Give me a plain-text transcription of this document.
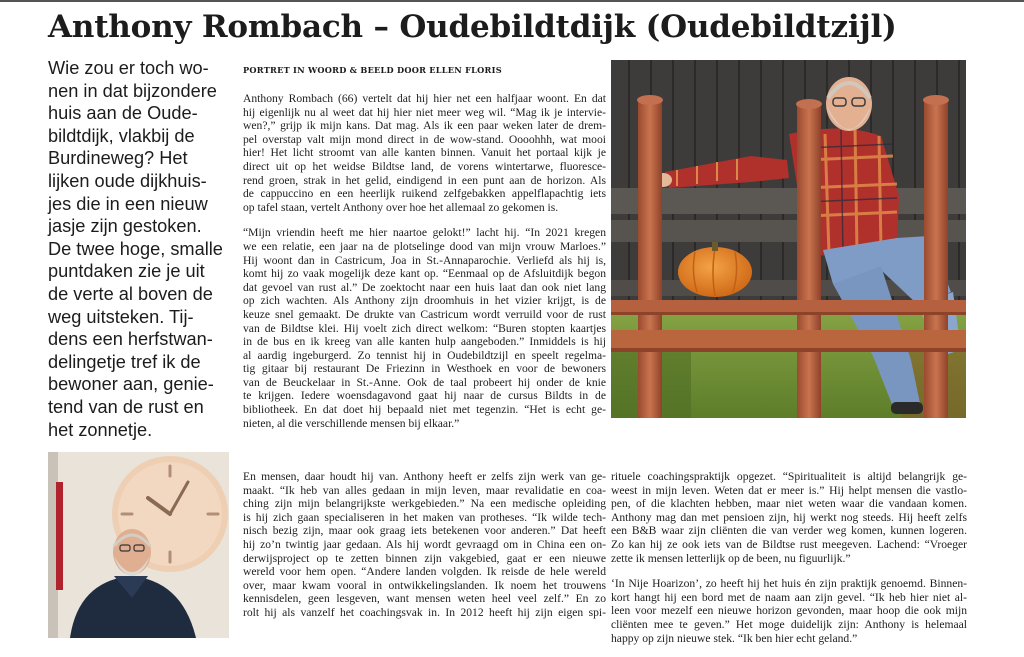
Anthony Rombach – Oudebildtdijk (Oudebildtzijl)
Wie zou er toch wo-
nen in dat bijzondere
huis aan de Oude-
bildtdijk, vlakbij de
Burdineweg? Het
lijken oude dijkhuis-
jes die in een nieuw
jasje zijn gestoken.
De twee hoge, smalle
puntdaken zie je uit
de verte al boven de
weg uitsteken. Tij-
dens een herfstwan-
delingetje tref ik de
bewoner aan, genie-
tend van de rust en
het zonnetje.
PORTRET IN WOORD & BEELD DOOR ELLEN FLORIS

Anthony Rombach (66) vertelt dat hij hier net een halfjaar woont. En dat
hij eigenlijk nu al weet dat hij hier niet meer weg wil. “Mag ik je intervie-
wen?,” grijp ik mijn kans. Dat mag. Als ik een paar weken later de drem-
pel overstap valt mijn mond direct in de wow-stand. Oooohhh, wat mooi
hier! Het licht stroomt van alle kanten binnen. Vanuit het portaal kijk je
direct uit op het weidse Bildtse land, de vorens wintertarwe, fluoresce-
rend groen, strak in het gelid, eindigend in een punt aan de horizon. Als
de cappuccino en een heerlijk ruikend zelfgebakken appelflapachtig iets
op tafel staan, vertelt Anthony over hoe het allemaal zo gekomen is.

“Mijn vriendin heeft me hier naartoe gelokt!” lacht hij. “In 2021 kregen
we een relatie, een jaar na de plotselinge dood van mijn vrouw Marloes.”
Hij woont dan in Castricum, Joa in St.-Annaparochie. Verliefd als hij is,
komt hij zo vaak mogelijk deze kant op. “Eenmaal op de Afsluitdijk begon
dat gevoel van rust al.” De zoektocht naar een huis laat dan ook niet lang
op zich wachten. Als Anthony zijn droomhuis in het vizier krijgt, is de
keuze snel gemaakt. De drukte van Castricum wordt verruild voor de rust
van de Bildtse klei. Hij voelt zich direct welkom: “Buren stopten kaartjes
in de bus en ik kreeg van alle kanten hulp aangeboden.” Inmiddels is hij
al aardig ingeburgerd. Zo tennist hij in Oudebildtzijl en speelt regelma-
tig gitaar bij restaurant De Friezinn in Westhoek en voor de bewoners
van de Beuckelaar in St.-Anne. Ook de taal probeert hij onder de knie
te krijgen. Iedere woensdagavond gaat hij naar de cursus Bildts in de
bibliotheek. En dat doet hij bepaald niet met tegenzin. “Het is echt ge-
nieten, al die verschillende mensen bij elkaar.”

En mensen, daar houdt hij van. Anthony heeft er zelfs zijn werk van ge-
maakt. “Ik heb van alles gedaan in mijn leven, maar revalidatie en coa-
ching zijn mijn belangrijkste werkgebieden.” Na een medische opleiding
is hij zich gaan specialiseren in het maken van protheses. “Ik wilde tech-
nisch bezig zijn, maar ook graag iets betekenen voor anderen.” Dat heeft
hij zo’n twintig jaar gedaan. Als hij wordt gevraagd om in China een on-
derwijsproject op te zetten binnen zijn vakgebied, gaat er een nieuwe
wereld voor hem open. “Andere landen volgden. Ik reisde de hele wereld
over, maar kwam vooral in ontwikkelingslanden. Ik noem het trouwens
kennisdelen, geen lesgeven, want mensen weten heel veel zelf.” En zo
rolt hij als vanzelf het coachingsvak in. In 2012 heeft hij zijn eigen spi-

rituele coachingspraktijk opgezet. “Spiritualiteit is altijd belangrijk ge-
weest in mijn leven. Weten dat er meer is.” Hij helpt mensen die vastlo-
pen, of die klachten hebben, maar niet weten waar die vandaan komen.
Anthony mag dan met pensioen zijn, hij werkt nog steeds. Hij heeft zelfs
een B&B waar zijn cliënten die van verder weg komen, kunnen logeren.
Zo kan hij ze ook iets van de Bildtse rust meegeven. Lachend: “Vroeger
zette ik mensen letterlijk op de been, nu figuurlijk.”

‘In Nije Hoarizon’, zo heeft hij het huis én zijn praktijk genoemd. Binnen-
kort hangt hij een bord met de naam aan zijn gevel. “Ik heb hier niet al-
leen voor mezelf een nieuwe horizon gevonden, maar hoop die ook mijn
cliënten mee te geven.” Het moge duidelijk zijn: Anthony is helemaal
happy op zijn nieuwe stek. “Ik ben hier echt geland.”
